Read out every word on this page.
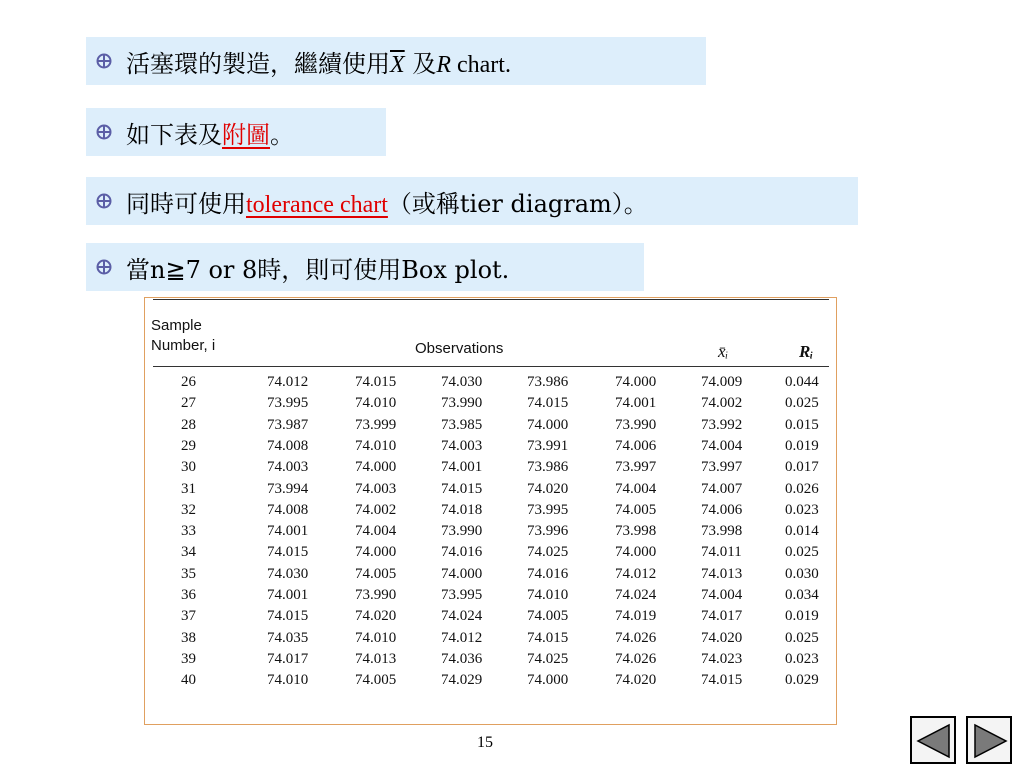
活塞環的製造，繼續使用$\overline{X}$ 及R chart.
如下表及附圖。
同時可使用tolerance chart（或稱tier diagram）。
當n≧7 or 8時，則可使用Box plot.
Sample
Number, i	Observations	x̄ᵢ	Rᵢ
26	74.012	74.015	74.030	73.986	74.000	74.009	0.044
27	73.995	74.010	73.990	74.015	74.001	74.002	0.025
28	73.987	73.999	73.985	74.000	73.990	73.992	0.015
29	74.008	74.010	74.003	73.991	74.006	74.004	0.019
30	74.003	74.000	74.001	73.986	73.997	73.997	0.017
31	73.994	74.003	74.015	74.020	74.004	74.007	0.026
32	74.008	74.002	74.018	73.995	74.005	74.006	0.023
33	74.001	74.004	73.990	73.996	73.998	73.998	0.014
34	74.015	74.000	74.016	74.025	74.000	74.011	0.025
35	74.030	74.005	74.000	74.016	74.012	74.013	0.030
36	74.001	73.990	73.995	74.010	74.024	74.004	0.034
37	74.015	74.020	74.024	74.005	74.019	74.017	0.019
38	74.035	74.010	74.012	74.015	74.026	74.020	0.025
39	74.017	74.013	74.036	74.025	74.026	74.023	0.023
40	74.010	74.005	74.029	74.000	74.020	74.015	0.029
15
